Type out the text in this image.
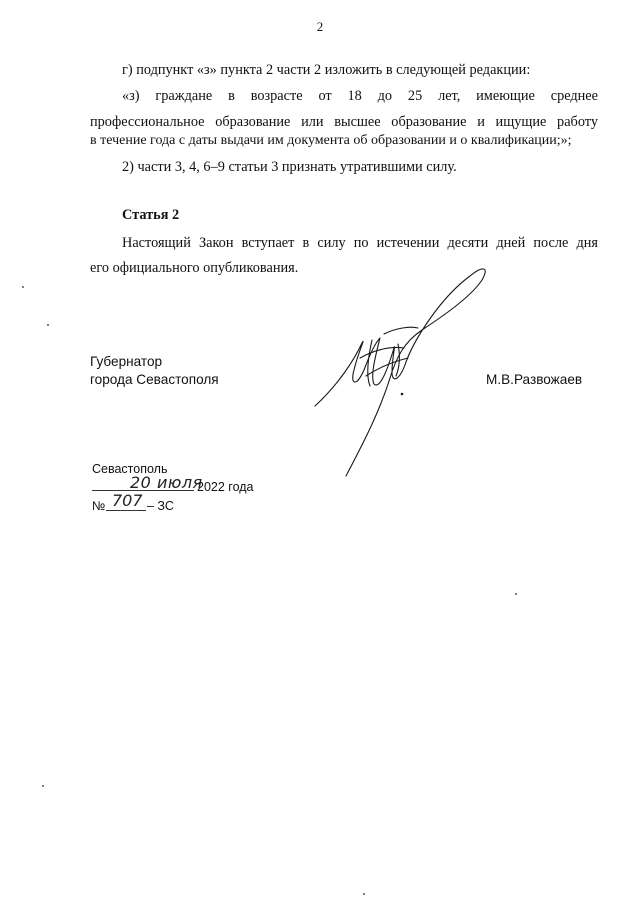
2
г) подпункт «з» пункта 2 части 2 изложить в следующей редакции:
«з) граждане в возрасте от 18 до 25 лет, имеющие среднее
профессиональное образование или высшее образование и ищущие работу
в течение года с даты выдачи им документа об образовании и о квалификации;»;
2) части 3, 4, 6–9 статьи 3 признать утратившими силу.
Статья 2
Настоящий Закон вступает в силу по истечении десяти дней после дня
его официального опубликования.
Губернатор
города Севастополя	М.В.Развожаев
Севастополь
20 июля
2022 года
№ 707 – ЗС
